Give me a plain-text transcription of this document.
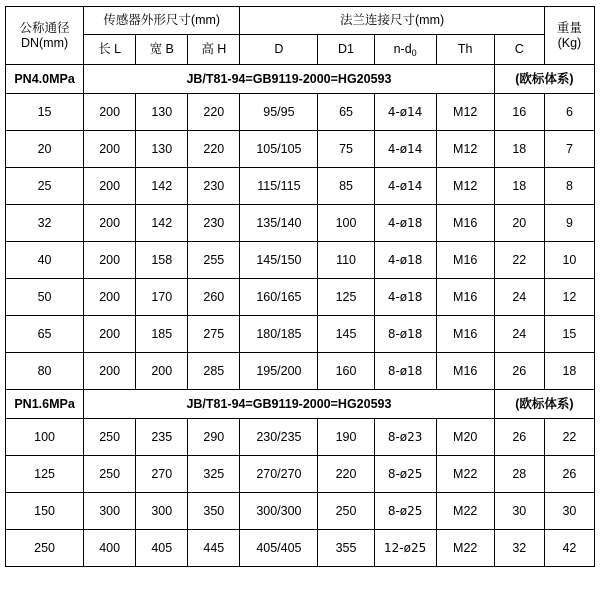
公称通径
DN(mm)	传感器外形尺寸(mm)			法兰连接尺寸(mm)					重量
(Kg)

	长 L	宽 B	高 H	D	D1	$n-d_0$	Th	C	
PN4.0MPa	JB/T81-94=GB9119-2000=HG20593							(欧标体系)	
15	200	130	220	95/95	65	4-ø14	M12	16	6
20	200	130	220	105/105	75	4-ø14	M12	18	7
25	200	142	230	115/115	85	4-ø14	M12	18	8
32	200	142	230	135/140	100	4-ø18	M16	20	9
40	200	158	255	145/150	110	4-ø18	M16	22	10
50	200	170	260	160/165	125	4-ø18	M16	24	12
65	200	185	275	180/185	145	8-ø18	M16	24	15
80	200	200	285	195/200	160	8-ø18	M16	26	18
PN1.6MPa	JB/T81-94=GB9119-2000=HG20593							(欧标体系)	
100	250	235	290	230/235	190	8-ø23	M20	26	22
125	250	270	325	270/270	220	8-ø25	M22	28	26
150	300	300	350	300/300	250	8-ø25	M22	30	30
250	400	405	445	405/405	355	12-ø25	M22	32	42
